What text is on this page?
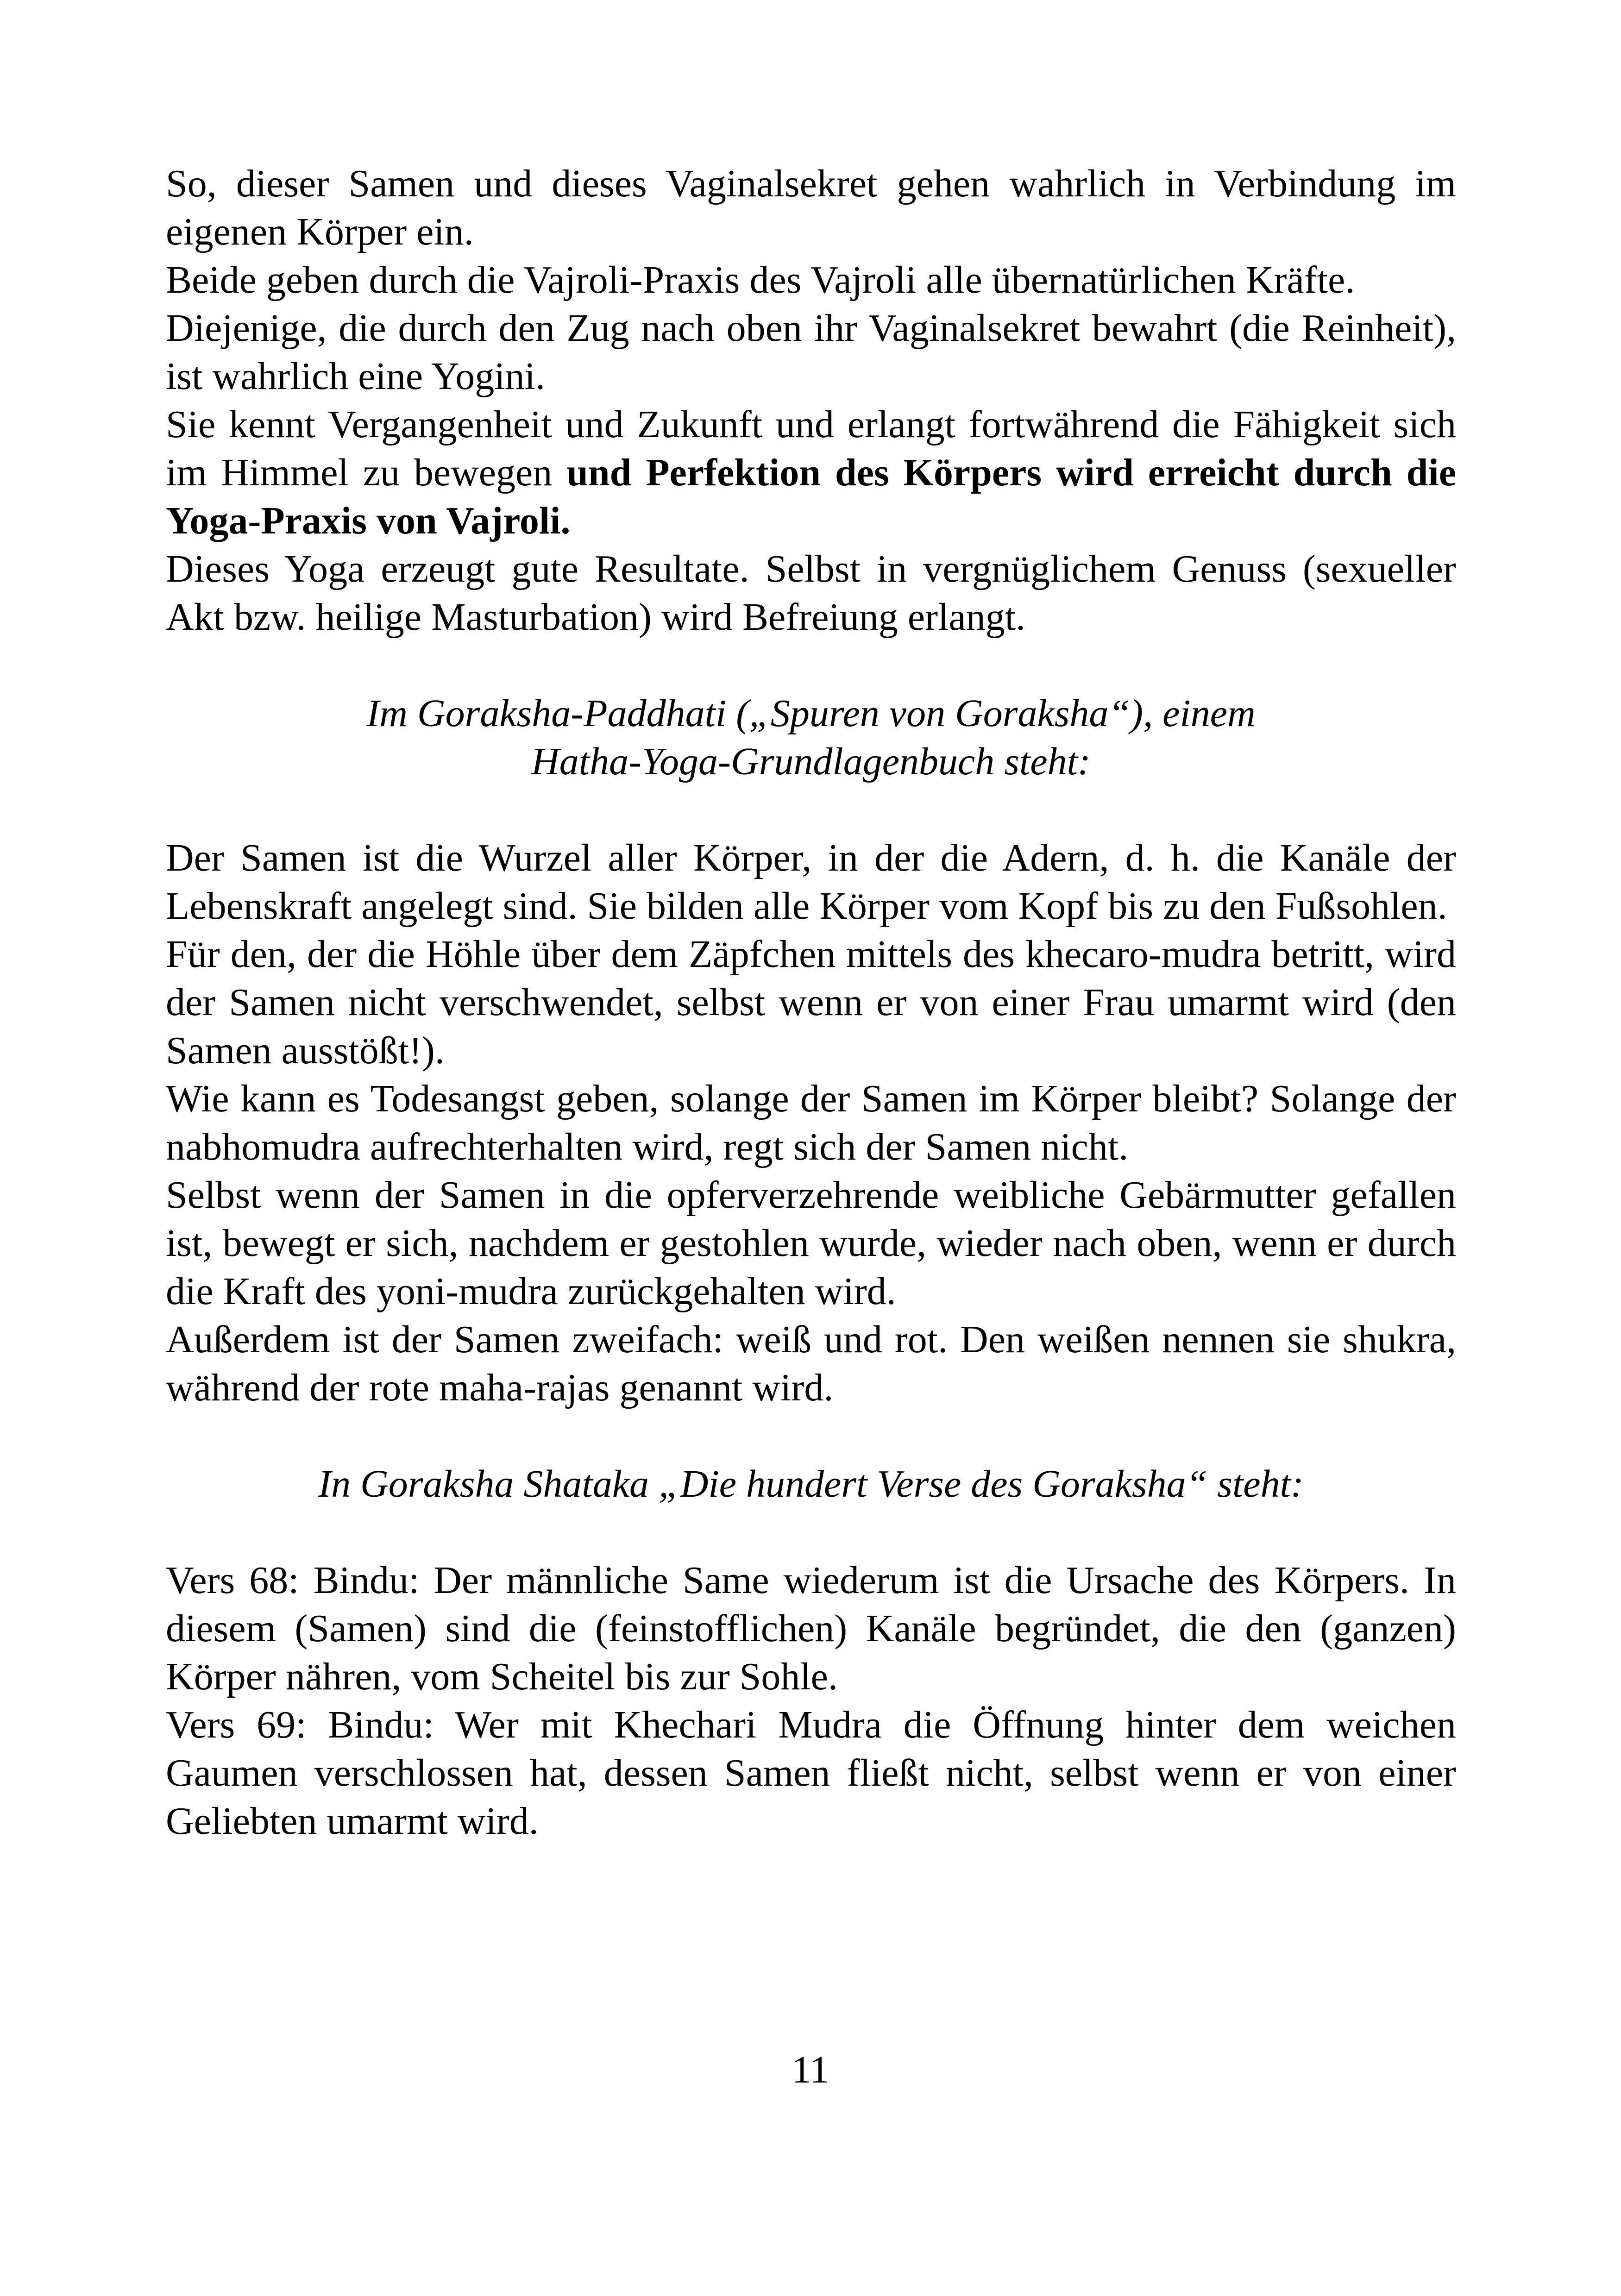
So, dieser Samen und dieses Vaginalsekret gehen wahrlich in Verbindung im eigenen Körper ein.

Beide geben durch die Vajroli-Praxis des Vajroli alle übernatürlichen Kräfte.

Diejenige, die durch den Zug nach oben ihr Vaginalsekret bewahrt (die Reinheit), ist wahrlich eine Yogini.

Sie kennt Vergangenheit und Zukunft und erlangt fortwährend die Fähigkeit sich im Himmel zu bewegen und Perfektion des Körpers wird erreicht durch die Yoga-Praxis von Vajroli.

Dieses Yoga erzeugt gute Resultate. Selbst in vergnüglichem Genuss (sexueller Akt bzw. heilige Masturbation) wird Befreiung erlangt.

Im Goraksha-Paddhati („Spuren von Goraksha“), einem

Hatha-Yoga-Grundlagenbuch steht:

Der Samen ist die Wurzel aller Körper, in der die Adern, d. h. die Kanäle der Lebenskraft angelegt sind. Sie bilden alle Körper vom Kopf bis zu den Fußsohlen.

Für den, der die Höhle über dem Zäpfchen mittels des khecaro-mudra betritt, wird der Samen nicht verschwendet, selbst wenn er von einer Frau umarmt wird (den Samen ausstößt!).

Wie kann es Todesangst geben, solange der Samen im Körper bleibt? Solange der nabhomudra aufrechterhalten wird, regt sich der Samen nicht.

Selbst wenn der Samen in die opferverzehrende weibliche Gebärmutter gefallen ist, bewegt er sich, nachdem er gestohlen wurde, wieder nach oben, wenn er durch die Kraft des yoni-mudra zurückgehalten wird.

Außerdem ist der Samen zweifach: weiß und rot. Den weißen nennen sie shukra, während der rote maha-rajas genannt wird.

In Goraksha Shataka „Die hundert Verse des Goraksha“ steht:

Vers 68: Bindu: Der männliche Same wiederum ist die Ursache des Körpers. In diesem (Samen) sind die (feinstofflichen) Kanäle begründet, die den (ganzen) Körper nähren, vom Scheitel bis zur Sohle.

Vers 69: Bindu: Wer mit Khechari Mudra die Öffnung hinter dem weichen Gaumen verschlossen hat, dessen Samen fließt nicht, selbst wenn er von einer Geliebten umarmt wird.

11
